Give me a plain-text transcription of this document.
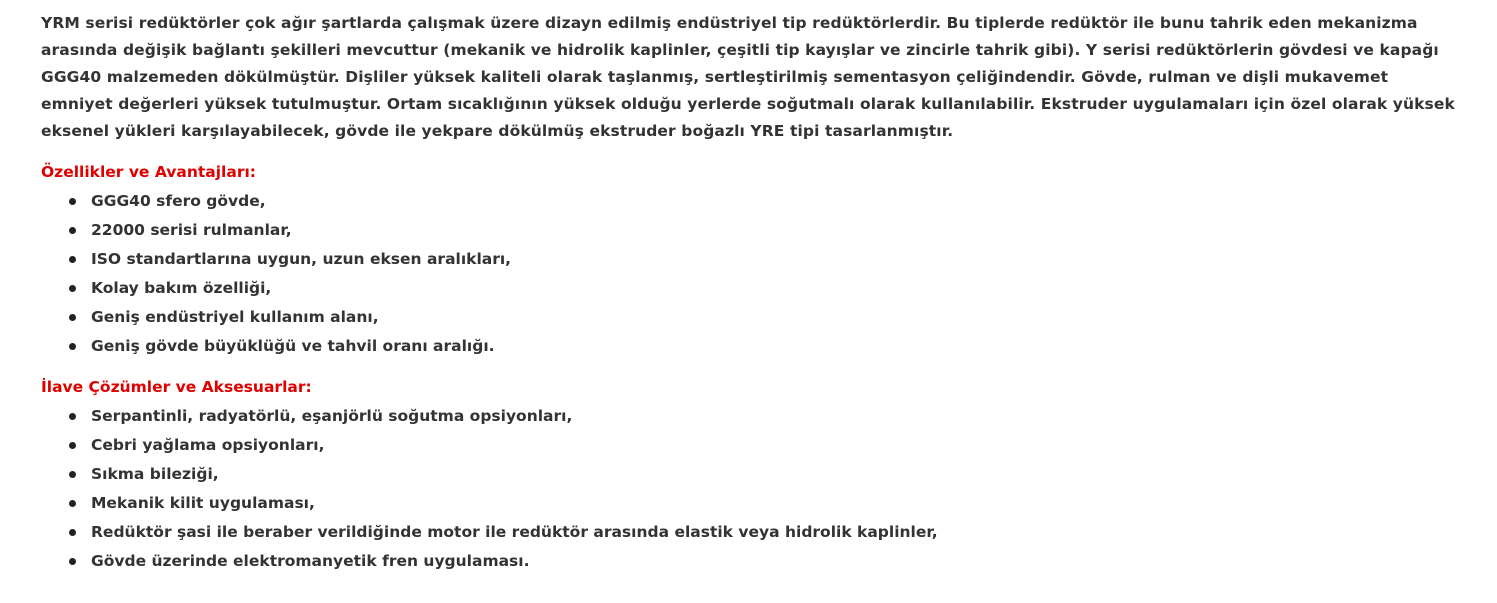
YRM serisi redüktörler çok ağır şartlarda çalışmak üzere dizayn edilmiş endüstriyel tip redüktörlerdir. Bu tiplerde redüktör ile bunu tahrik eden mekanizma arasında değişik bağlantı şekilleri mevcuttur (mekanik ve hidrolik kaplinler, çeşitli tip kayışlar ve zincirle tahrik gibi). Y serisi redüktörlerin gövdesi ve kapağı GGG40 malzemeden dökülmüştür. Dişliler yüksek kaliteli olarak taşlanmış, sertleştirilmiş sementasyon çeliğindendir. Gövde, rulman ve dişli mukavemet emniyet değerleri yüksek tutulmuştur. Ortam sıcaklığının yüksek olduğu yerlerde soğutmalı olarak kullanılabilir. Ekstruder uygulamaları için özel olarak yüksek eksenel yükleri karşılayabilecek, gövde ile yekpare dökülmüş ekstruder boğazlı YRE tipi tasarlanmıştır.

Özellikler ve Avantajları:

GGG40 sfero gövde,
22000 serisi rulmanlar,
ISO standartlarına uygun, uzun eksen aralıkları,
Kolay bakım özelliği,
Geniş endüstriyel kullanım alanı,
Geniş gövde büyüklüğü ve tahvil oranı aralığı.

İlave Çözümler ve Aksesuarlar:

Serpantinli, radyatörlü, eşanjörlü soğutma opsiyonları,
Cebri yağlama opsiyonları,
Sıkma bileziği,
Mekanik kilit uygulaması,
Redüktör şasi ile beraber verildiğinde motor ile redüktör arasında elastik veya hidrolik kaplinler,
Gövde üzerinde elektromanyetik fren uygulaması.
